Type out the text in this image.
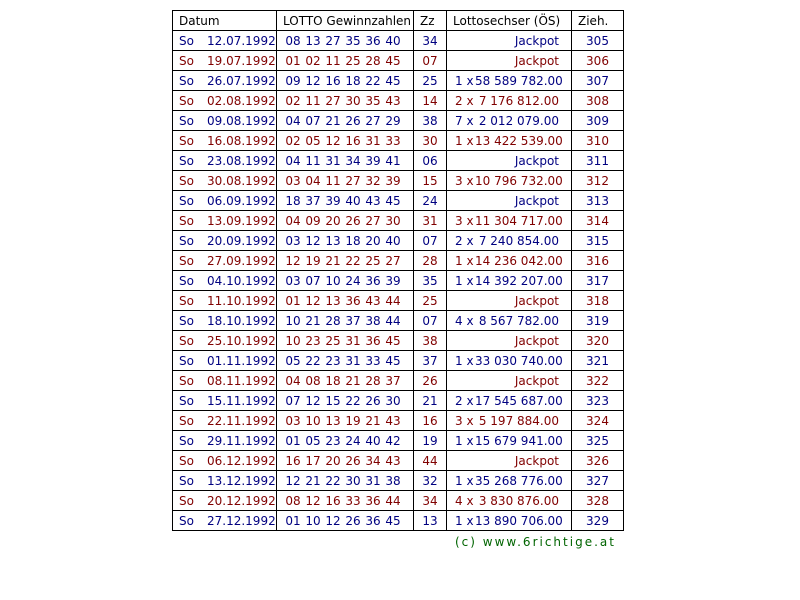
Datum	LOTTO Gewinnzahlen	Zz	Lottosechser (ÖS)	Zieh.
So 12.07.1992	08 13 27 35 36 40	34	Jackpot	305
So 19.07.1992	01 02 11 25 28 45	07	Jackpot	306
So 26.07.1992	09 12 16 18 22 45	25	1 x58 589 782.00	307
So 02.08.1992	02 11 27 30 35 43	14	2 x 7 176 812.00	308
So 09.08.1992	04 07 21 26 27 29	38	7 x 2 012 079.00	309
So 16.08.1992	02 05 12 16 31 33	30	1 x13 422 539.00	310
So 23.08.1992	04 11 31 34 39 41	06	Jackpot	311
So 30.08.1992	03 04 11 27 32 39	15	3 x10 796 732.00	312
So 06.09.1992	18 37 39 40 43 45	24	Jackpot	313
So 13.09.1992	04 09 20 26 27 30	31	3 x11 304 717.00	314
So 20.09.1992	03 12 13 18 20 40	07	2 x 7 240 854.00	315
So 27.09.1992	12 19 21 22 25 27	28	1 x14 236 042.00	316
So 04.10.1992	03 07 10 24 36 39	35	1 x14 392 207.00	317
So 11.10.1992	01 12 13 36 43 44	25	Jackpot	318
So 18.10.1992	10 21 28 37 38 44	07	4 x 8 567 782.00	319
So 25.10.1992	10 23 25 31 36 45	38	Jackpot	320
So 01.11.1992	05 22 23 31 33 45	37	1 x33 030 740.00	321
So 08.11.1992	04 08 18 21 28 37	26	Jackpot	322
So 15.11.1992	07 12 15 22 26 30	21	2 x17 545 687.00	323
So 22.11.1992	03 10 13 19 21 43	16	3 x 5 197 884.00	324
So 29.11.1992	01 05 23 24 40 42	19	1 x15 679 941.00	325
So 06.12.1992	16 17 20 26 34 43	44	Jackpot	326
So 13.12.1992	12 21 22 30 31 38	32	1 x35 268 776.00	327
So 20.12.1992	08 12 16 33 36 44	34	4 x 3 830 876.00	328
So 27.12.1992	01 10 12 26 36 45	13	1 x13 890 706.00	329
(c) www.6richtige.at
